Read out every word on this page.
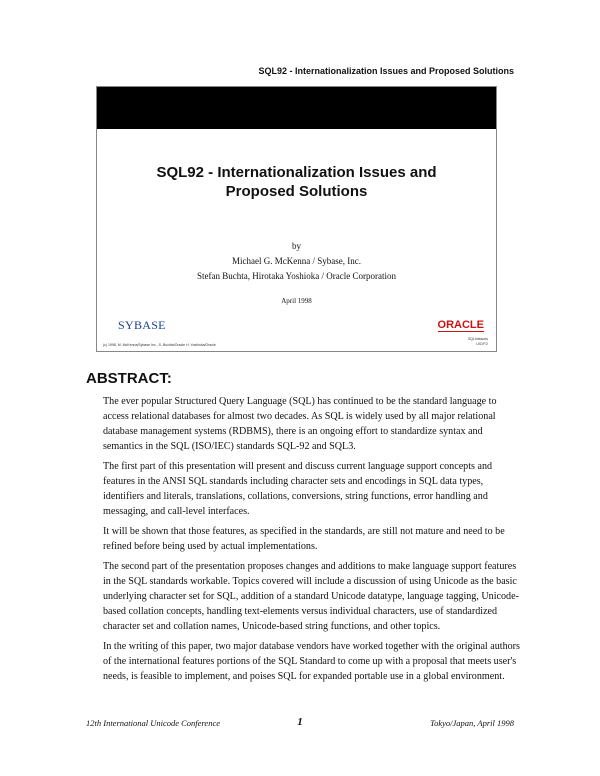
SQL92 - Internationalization Issues and Proposed Solutions
SQL92 - Internationalization Issues and
Proposed Solutions
by
Michael G. McKenna / Sybase, Inc.
Stefan Buchta, Hirotaka Yoshioka / Oracle Corporation
April 1998
SYBASE	ORACLE
(c) 1998, M. McKenna/Sybase Inc., S. Buchta/Oracle H. Yoshioka/Oracle
SQLIntssues
UIC/P.2
ABSTRACT:

The ever popular Structured Query Language (SQL) has continued to be the standard language to access relational databases for almost two decades. As SQL is widely used by all major relational database management systems (RDBMS), there is an ongoing effort to standardize syntax and semantics in the SQL (ISO/IEC) standards SQL-92 and SQL3.

The first part of this presentation will present and discuss current language support concepts and features in the ANSI SQL standards including character sets and encodings in SQL data types, identifiers and literals, translations, collations, conversions, string functions, error handling and messaging, and call-level interfaces.

It will be shown that those features, as specified in the standards, are still not mature and need to be refined before being used by actual implementations.

The second part of the presentation proposes changes and additions to make language support features in the SQL standards workable. Topics covered will include a discussion of using Unicode as the basic underlying character set for SQL, addition of a standard Unicode datatype, language tagging, Unicode-based collation concepts, handling text-elements versus individual characters, use of standardized character set and collation names, Unicode-based string functions, and other topics.

In the writing of this paper, two major database vendors have worked together with the original authors of the international features portions of the SQL Standard to come up with a proposal that meets user's needs, is feasible to implement, and poises SQL for expanded portable use in a global environment.

12th International Unicode Conference	1	Tokyo/Japan, April 1998
